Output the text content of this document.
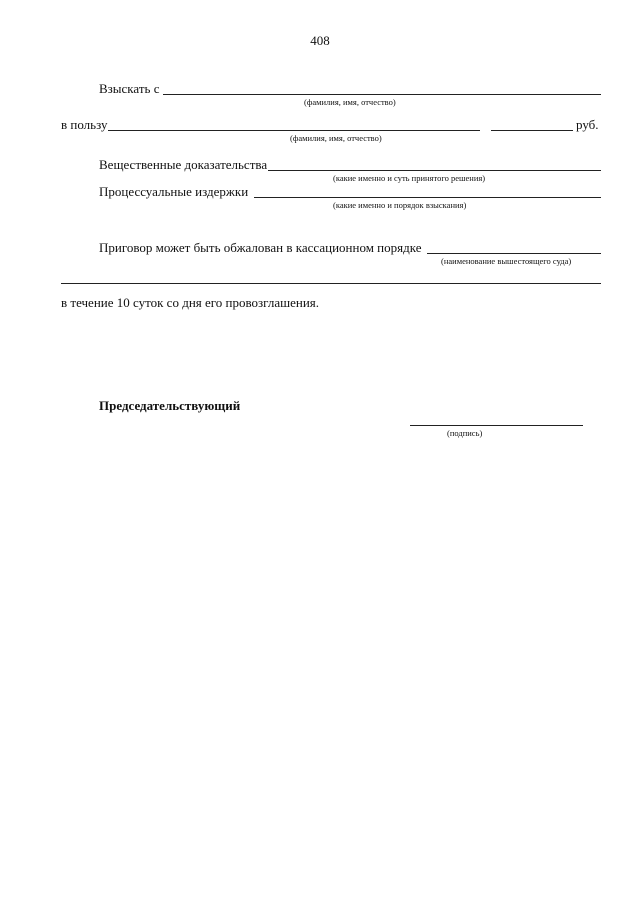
408
Взыскать с
(фамилия, имя, отчество)
в пользу	руб.
(фамилия, имя, отчество)
Вещественные доказательства
(какие именно и суть принятого решения)
Процессуальные издержки
(какие именно и порядок взыскания)
Приговор может быть обжалован в кассационном порядке
(наименование вышестоящего суда)
в течение 10 суток со дня его провозглашения.
Председательствующий
(подпись)
